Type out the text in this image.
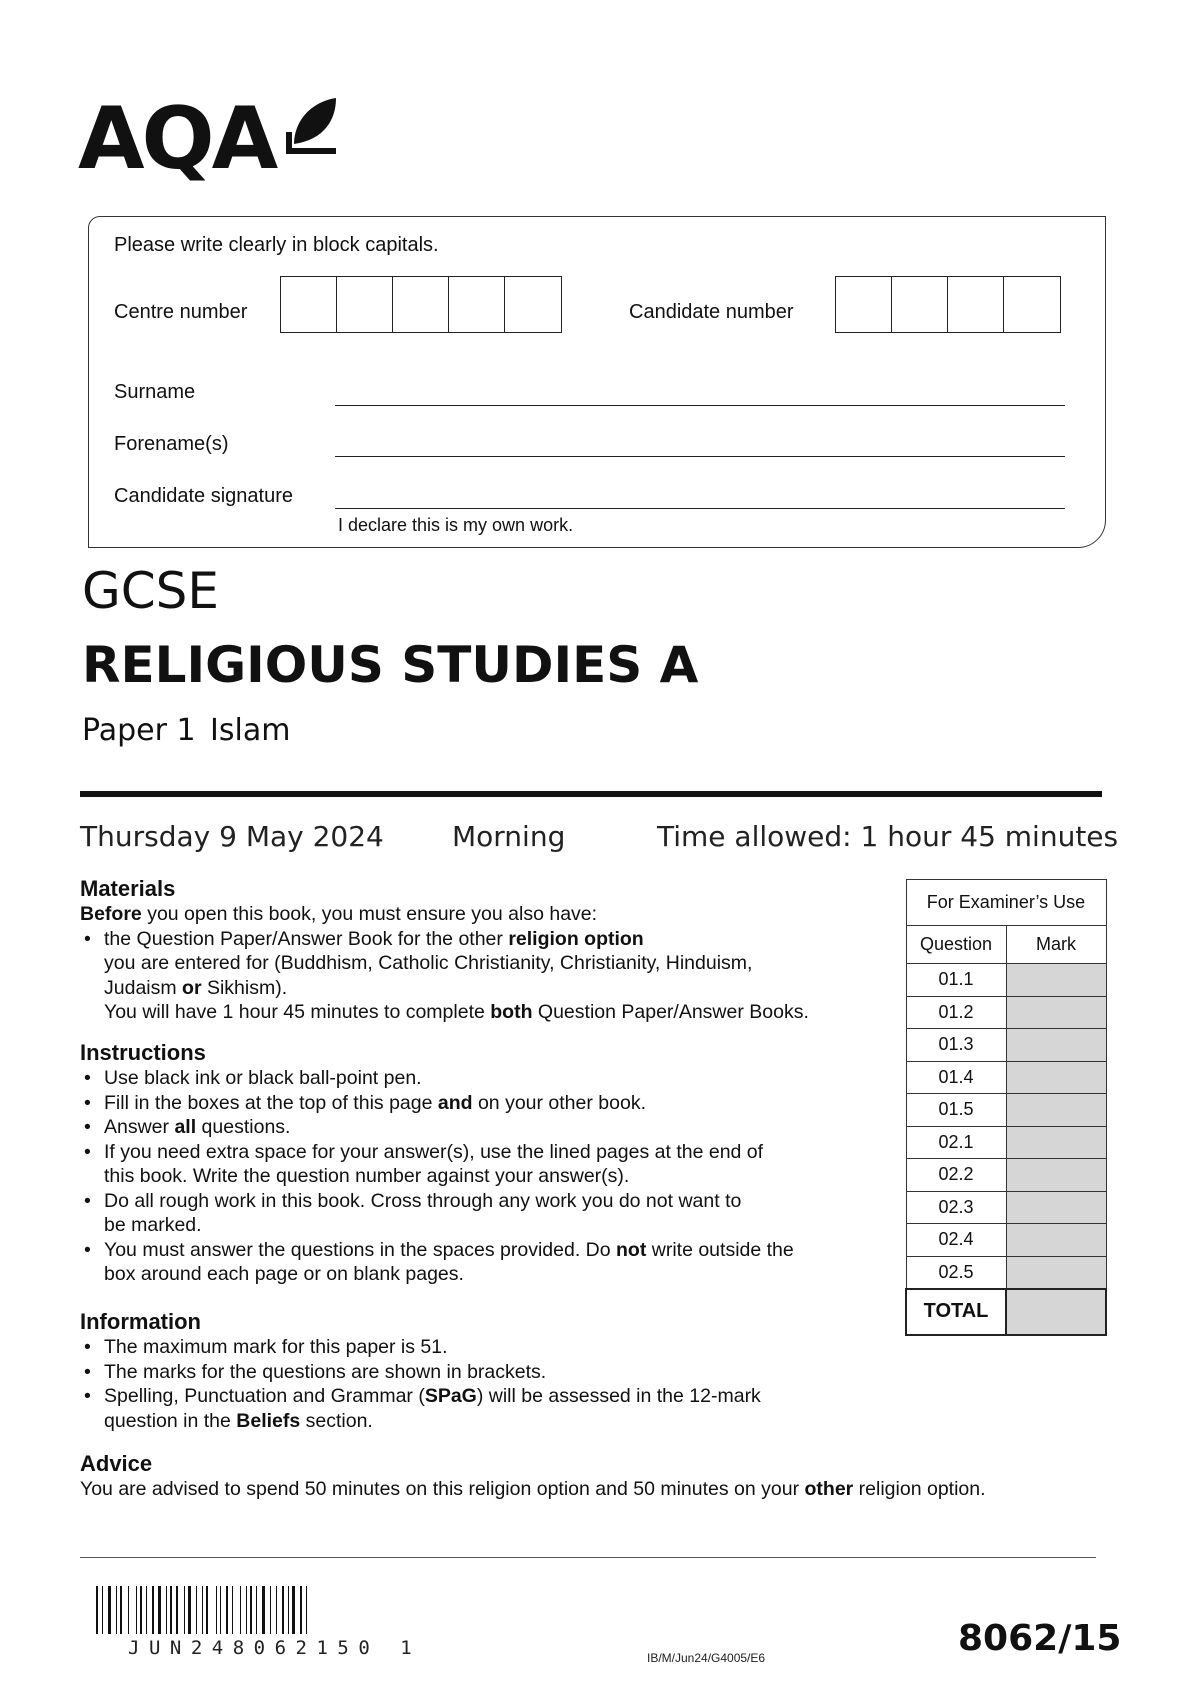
AQA
Please write clearly in block capitals.
Centre number	Candidate number
Surname
Forename(s)
Candidate signature
I declare this is my own work.
GCSE
RELIGIOUS STUDIES A
Paper 1 Islam
Thursday 9 May 2024 Morning	Time allowed: 1 hour 45 minutes
Materials
Before you open this book, you must ensure you also have:
• the Question Paper/Answer Book for the other religion option
you are entered for (Buddhism, Catholic Christianity, Christianity, Hinduism,
Judaism or Sikhism).
You will have 1 hour 45 minutes to complete both Question Paper/Answer Books.
Instructions
• Use black ink or black ball-point pen.
• Fill in the boxes at the top of this page and on your other book.
• Answer all questions.
• If you need extra space for your answer(s), use the lined pages at the end of
this book. Write the question number against your answer(s).
• Do all rough work in this book. Cross through any work you do not want to
be marked.
• You must answer the questions in the spaces provided. Do not write outside the
box around each page or on blank pages.
Information
• The maximum mark for this paper is 51.
• The marks for the questions are shown in brackets.
• Spelling, Punctuation and Grammar (SPaG) will be assessed in the 12-mark
question in the Beliefs section.
Advice
You are advised to spend 50 minutes on this religion option and 50 minutes on your other religion option.
For Examiner’s Use	
Question	Mark
01.1	
01.2	
01.3	
01.4	
01.5	
02.1	
02.2	
02.3	
02.4	
02.5	
TOTAL	
JUN248062150 1	IB/M/Jun24/G4005/E6	8062/15
